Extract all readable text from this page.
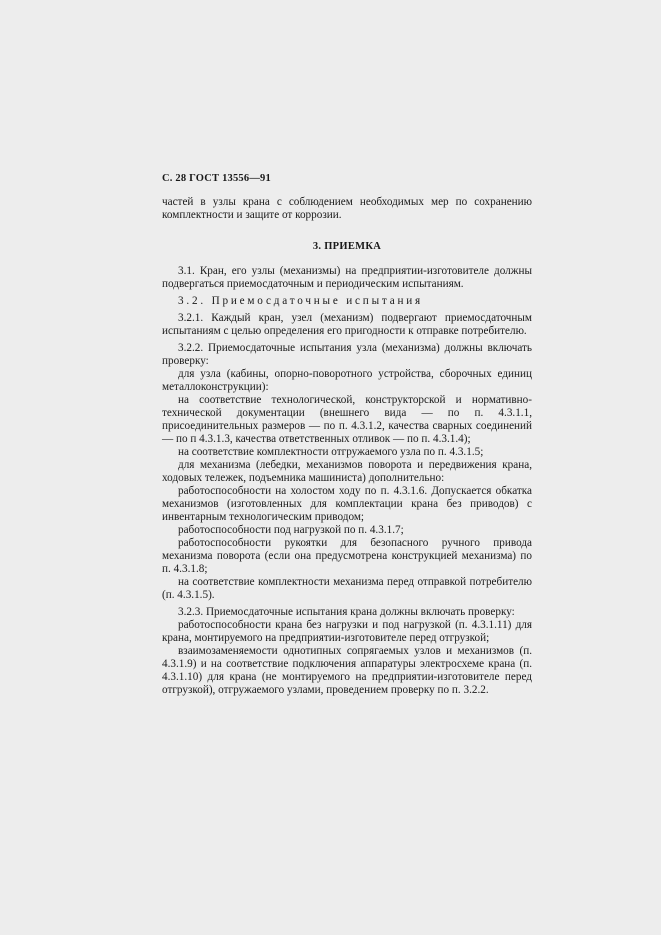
С. 28 ГОСТ 13556—91

частей в узлы крана с соблюдением необходимых мер по сохранению комплектности и защите от коррозии.

3. ПРИЕМКА

3.1. Кран, его узлы (механизмы) на предприятии-изготовителе должны подвергаться приемосдаточным и периодическим испытаниям.

3.2. Приемосдаточные испытания

3.2.1. Каждый кран, узел (механизм) подвергают приемосдаточным испытаниям с целью определения его пригодности к отправке потребителю.

3.2.2. Приемосдаточные испытания узла (механизма) должны включать проверку:

для узла (кабины, опорно-поворотного устройства, сборочных единиц металлоконструкции):

на соответствие технологической, конструкторской и нормативно-технической документации (внешнего вида — по п. 4.3.1.1, присоединительных размеров — по п. 4.3.1.2, качества сварных соединений — по п 4.3.1.3, качества ответственных отливок — по п. 4.3.1.4);

на соответствие комплектности отгружаемого узла по п. 4.3.1.5;

для механизма (лебедки, механизмов поворота и передвижения крана, ходовых тележек, подъемника машиниста) дополнительно:

работоспособности на холостом ходу по п. 4.3.1.6. Допускается обкатка механизмов (изготовленных для комплектации крана без приводов) с инвентарным технологическим приводом;

работоспособности под нагрузкой по п. 4.3.1.7;

работоспособности рукоятки для безопасного ручного привода механизма поворота (если она предусмотрена конструкцией механизма) по п. 4.3.1.8;

на соответствие комплектности механизма перед отправкой потребителю (п. 4.3.1.5).

3.2.3. Приемосдаточные испытания крана должны включать проверку:

работоспособности крана без нагрузки и под нагрузкой (п. 4.3.1.11) для крана, монтируемого на предприятии-изготовителе перед отгрузкой;

взаимозаменяемости однотипных сопрягаемых узлов и механизмов (п. 4.3.1.9) и на соответствие подключения аппаратуры электросхеме крана (п. 4.3.1.10) для крана (не монтируемого на предприятии-изготовителе перед отгрузкой), отгружаемого узлами, проведением проверку по п. 3.2.2.
